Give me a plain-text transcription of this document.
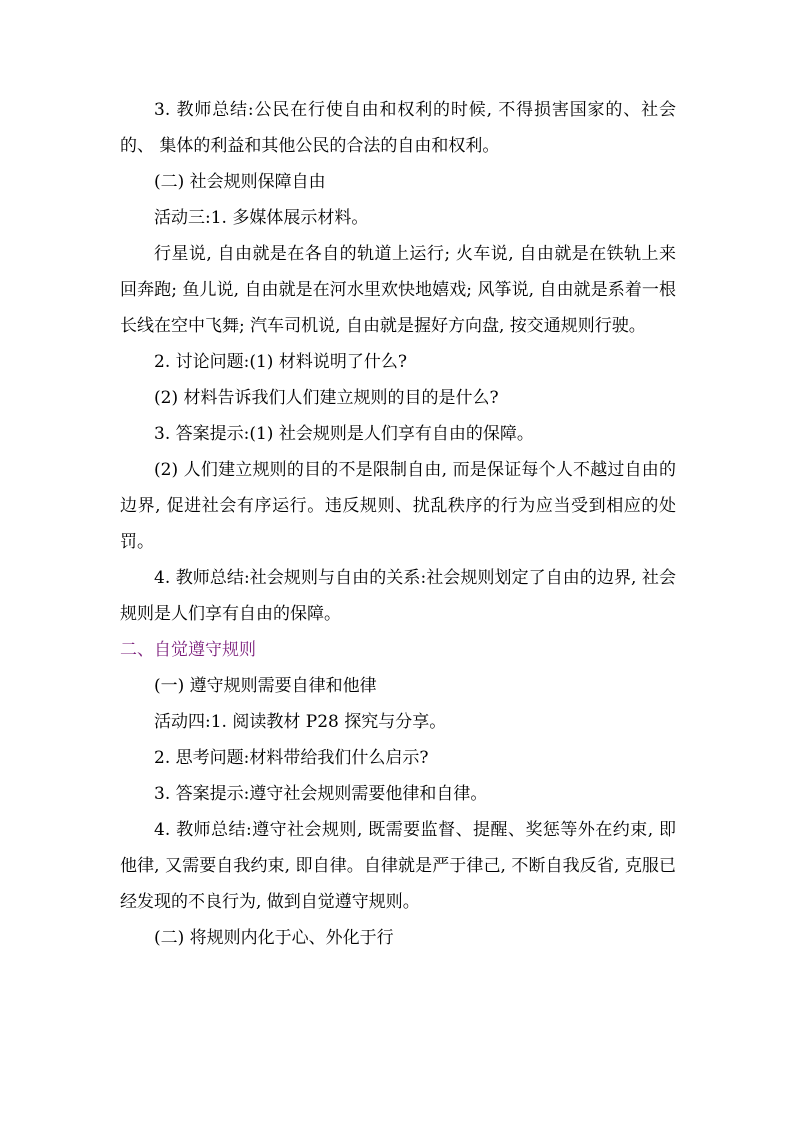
3. 教师总结:公民在行使自由和权利的时候, 不得损害国家的、社会的、 集体的利益和其他公民的合法的自由和权利。

(二) 社会规则保障自由

活动三:1. 多媒体展示材料。

行星说, 自由就是在各自的轨道上运行; 火车说, 自由就是在铁轨上来回奔跑; 鱼儿说, 自由就是在河水里欢快地嬉戏; 风筝说, 自由就是系着一根长线在空中飞舞; 汽车司机说, 自由就是握好方向盘, 按交通规则行驶。

2. 讨论问题:(1) 材料说明了什么?

(2) 材料告诉我们人们建立规则的目的是什么?

3. 答案提示:(1) 社会规则是人们享有自由的保障。

(2) 人们建立规则的目的不是限制自由, 而是保证每个人不越过自由的边界, 促进社会有序运行。违反规则、扰乱秩序的行为应当受到相应的处罚。

4. 教师总结:社会规则与自由的关系:社会规则划定了自由的边界, 社会规则是人们享有自由的保障。

二、自觉遵守规则

(一) 遵守规则需要自律和他律

活动四:1. 阅读教材 P28 探究与分享。

2. 思考问题:材料带给我们什么启示?

3. 答案提示:遵守社会规则需要他律和自律。

4. 教师总结:遵守社会规则, 既需要监督、提醒、奖惩等外在约束, 即他律, 又需要自我约束, 即自律。自律就是严于律己, 不断自我反省, 克服已经发现的不良行为, 做到自觉遵守规则。

(二) 将规则内化于心、外化于行
